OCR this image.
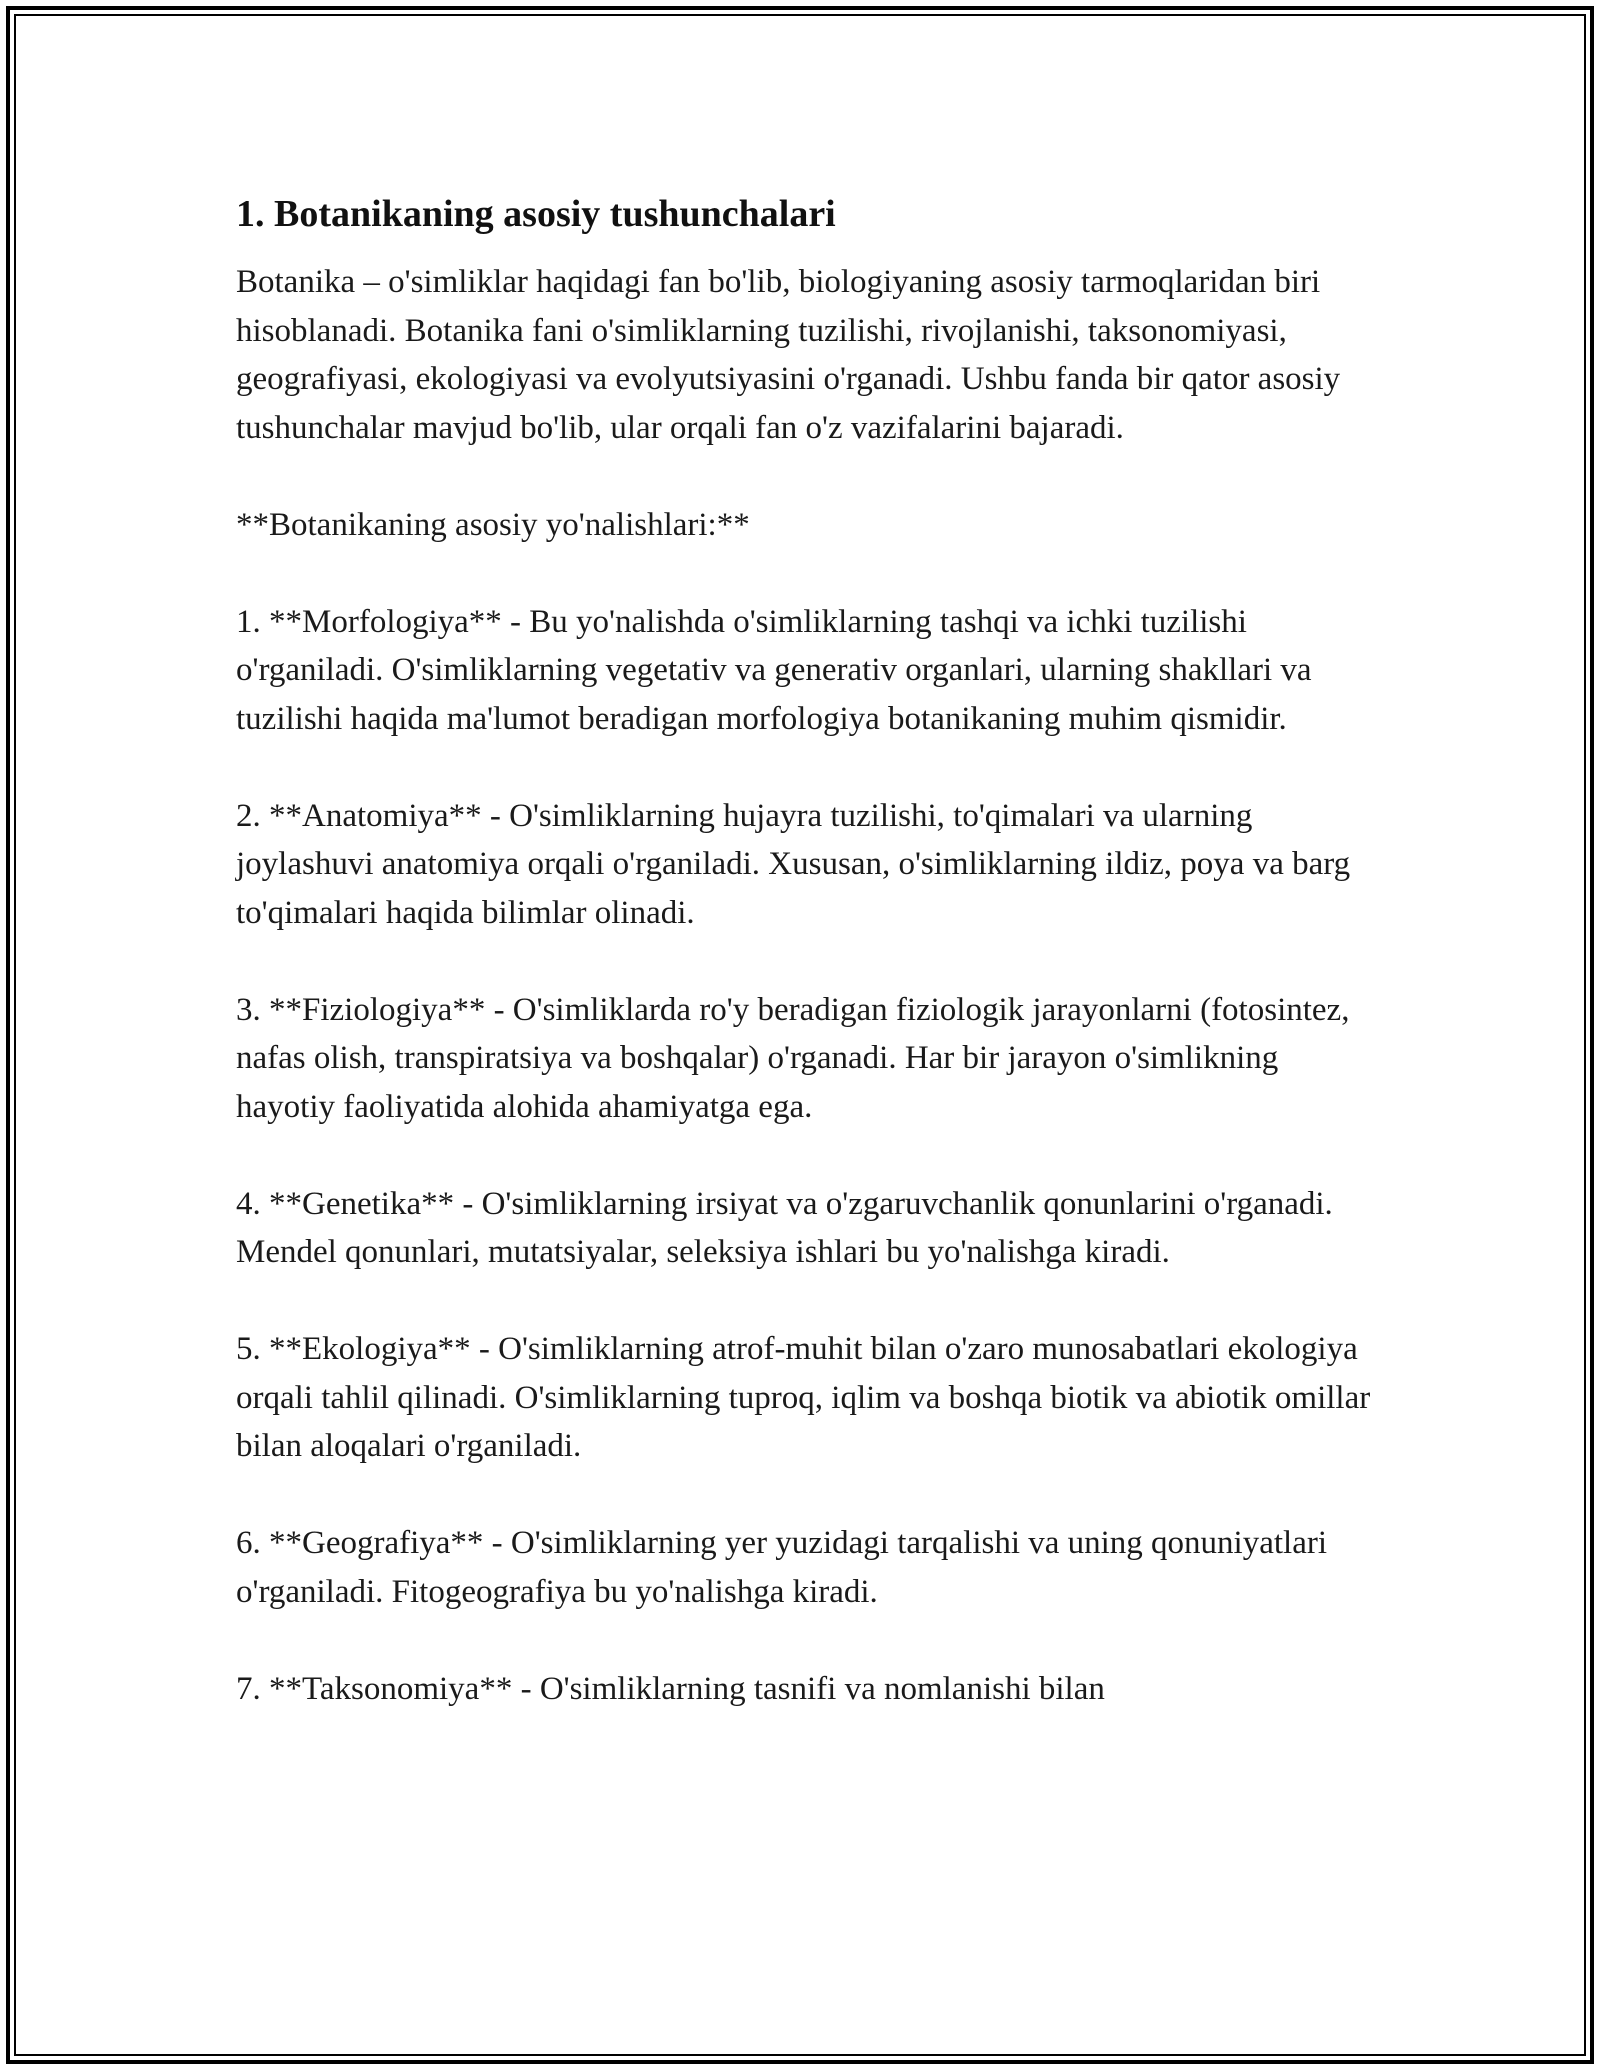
1. Botanikaning asosiy tushunchalari

Botanika – o'simliklar haqidagi fan bo'lib, biologiyaning asosiy tarmoqlaridan biri hisoblanadi. Botanika fani o'simliklarning tuzilishi, rivojlanishi, taksonomiyasi, geografiyasi, ekologiyasi va evolyutsiyasini o'rganadi. Ushbu fanda bir qator asosiy tushunchalar mavjud bo'lib, ular orqali fan o'z vazifalarini bajaradi.

**Botanikaning asosiy yo'nalishlari:**

1. **Morfologiya** - Bu yo'nalishda o'simliklarning tashqi va ichki tuzilishi o'rganiladi. O'simliklarning vegetativ va generativ organlari, ularning shakllari va tuzilishi haqida ma'lumot beradigan morfologiya botanikaning muhim qismidir.

2. **Anatomiya** - O'simliklarning hujayra tuzilishi, to'qimalari va ularning joylashuvi anatomiya orqali o'rganiladi. Xususan, o'simliklarning ildiz, poya va barg to'qimalari haqida bilimlar olinadi.

3. **Fiziologiya** - O'simliklarda ro'y beradigan fiziologik jarayonlarni (fotosintez, nafas olish, transpiratsiya va boshqalar) o'rganadi. Har bir jarayon o'simlikning hayotiy faoliyatida alohida ahamiyatga ega.

4. **Genetika** - O'simliklarning irsiyat va o'zgaruvchanlik qonunlarini o'rganadi. Mendel qonunlari, mutatsiyalar, seleksiya ishlari bu yo'nalishga kiradi.

5. **Ekologiya** - O'simliklarning atrof-muhit bilan o'zaro munosabatlari ekologiya orqali tahlil qilinadi. O'simliklarning tuproq, iqlim va boshqa biotik va abiotik omillar bilan aloqalari o'rganiladi.

6. **Geografiya** - O'simliklarning yer yuzidagi tarqalishi va uning qonuniyatlari o'rganiladi. Fitogeografiya bu yo'nalishga kiradi.

7. **Taksonomiya** - O'simliklarning tasnifi va nomlanishi bilan
